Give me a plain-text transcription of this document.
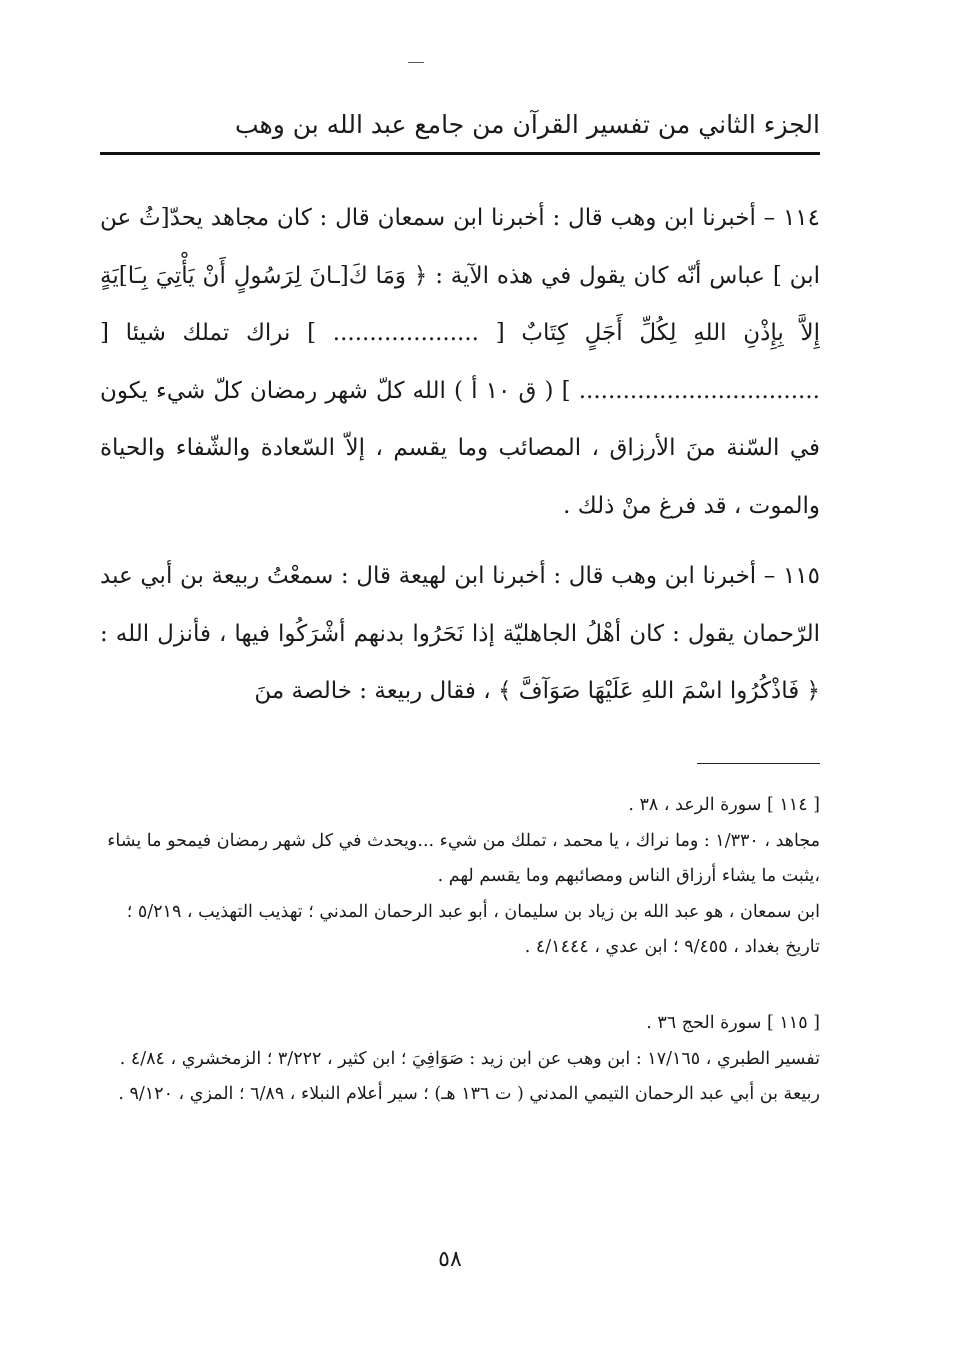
الجزء الثاني من تفسير القرآن من جامع عبد الله بن وهب

١١٤ – أخبرنا ابن وهب قال : أخبرنا ابن سمعان قال : كان مجاهد يحدّ[ثُ عن ابن ] عباس أنّه كان يقول في هذه الآية : ﴿ وَمَا كَ[ـانَ لِرَسُولٍ أَنْ يَأْتِيَ بِـَا]يَةٍ إِلاَّ بِإِذْنِ اللهِ لِكُلِّ أَجَلٍ كِتَابٌ [ .................... ] نراك تملك شيئا [ ................................. ] ( ق ١٠ أ ) الله كلّ شهر رمضان كلّ شيء يكون في السّنة منَ الأرزاق ، المصائب وما يقسم ، إلاّ السّعادة والشّفاء والحياة والموت ، قد فرغ منْ ذلك .

١١٥ – أخبرنا ابن وهب قال : أخبرنا ابن لهيعة قال : سمعْتُ ربيعة بن أبي عبد الرّحمان يقول : كان أهْلُ الجاهليّة إذا نَحَرُوا بدنهم أشْرَكُوا فيها ، فأنزل الله : ﴿ فَاذْكُرُوا اسْمَ اللهِ عَلَيْهَا صَوَآفَّ ﴾ ، فقال ربيعة : خالصة منَ

[ ١١٤ ] سورة الرعد ، ٣٨ .

مجاهد ، ١/٣٣٠ : وما نراك ، يا محمد ، تملك من شيء ...ويحدث في كل شهر رمضان فيمحو ما يشاء ،يثبت ما يشاء أرزاق الناس ومصائبهم وما يقسم لهم .

ابن سمعان ، هو عبد الله بن زياد بن سليمان ، أبو عبد الرحمان المدني ؛ تهذيب التهذيب ، ٥/٢١٩ ؛ تاريخ بغداد ، ٩/٤٥٥ ؛ ابن عدي ، ٤/١٤٤٤ .

[ ١١٥ ] سورة الحج ٣٦ .

تفسير الطبري ، ١٧/١٦٥ : ابن وهب عن ابن زيد : صَوَافِيَ ؛ ابن كثير ، ٣/٢٢٢ ؛ الزمخشري ، ٤/٨٤ .

ربيعة بن أبي عبد الرحمان التيمي المدني ( ت ١٣٦ هـ) ؛ سير أعلام النبلاء ، ٦/٨٩ ؛ المزي ، ٩/١٢٠ .

٥٨
